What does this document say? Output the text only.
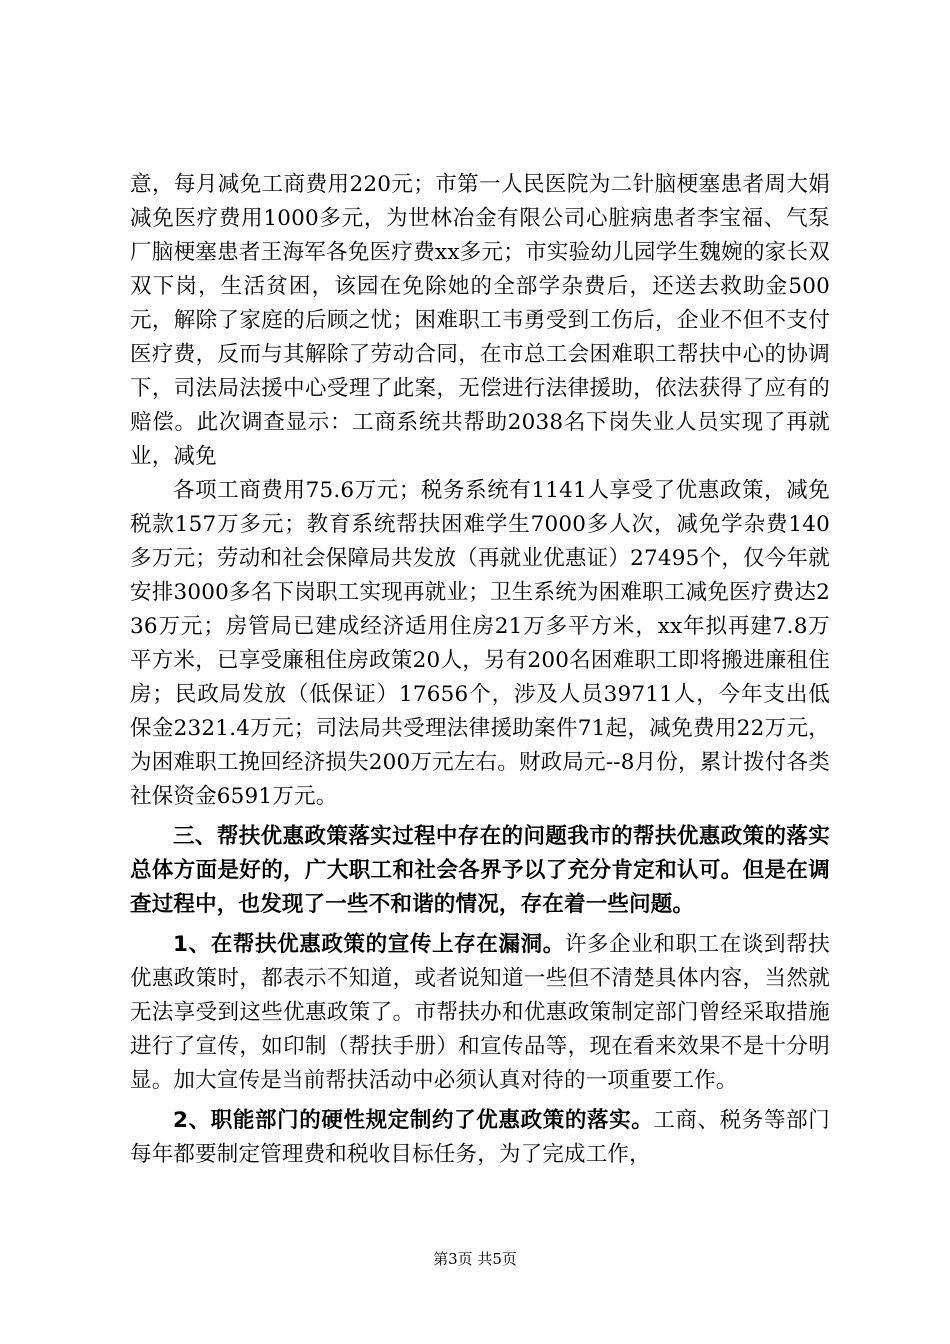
意，每月减免工商费用220元；市第一人民医院为二针脑梗塞患者周大娟减免医疗费用1000多元，为世林冶金有限公司心脏病患者李宝福、气泵厂脑梗塞患者王海军各免医疗费xx多元；市实验幼儿园学生魏婉的家长双双下岗，生活贫困，该园在免除她的全部学杂费后，还送去救助金500元，解除了家庭的后顾之忧；困难职工韦勇受到工伤后，企业不但不支付医疗费，反而与其解除了劳动合同，在市总工会困难职工帮扶中心的协调下，司法局法援中心受理了此案，无偿进行法律援助，依法获得了应有的赔偿。此次调查显示：工商系统共帮助2038名下岗失业人员实现了再就业，减免

各项工商费用75.6万元；税务系统有1141人享受了优惠政策，减免税款157万多元；教育系统帮扶困难学生7000多人次，减免学杂费140多万元；劳动和社会保障局共发放（再就业优惠证）27495个，仅今年就安排3000多名下岗职工实现再就业；卫生系统为困难职工减免医疗费达236万元；房管局已建成经济适用住房21万多平方米，xx年拟再建7.8万平方米，已享受廉租住房政策20人，另有200名困难职工即将搬进廉租住房；民政局发放（低保证）17656个，涉及人员39711人，今年支出低保金2321.4万元；司法局共受理法律援助案件71起，减免费用22万元，为困难职工挽回经济损失200万元左右。财政局元--8月份，累计拨付各类社保资金6591万元。

三、帮扶优惠政策落实过程中存在的问题我市的帮扶优惠政策的落实总体方面是好的，广大职工和社会各界予以了充分肯定和认可。但是在调查过程中，也发现了一些不和谐的情况，存在着一些问题。

1、在帮扶优惠政策的宣传上存在漏洞。许多企业和职工在谈到帮扶优惠政策时，都表示不知道，或者说知道一些但不清楚具体内容，当然就无法享受到这些优惠政策了。市帮扶办和优惠政策制定部门曾经采取措施进行了宣传，如印制（帮扶手册）和宣传品等，现在看来效果不是十分明显。加大宣传是当前帮扶活动中必须认真对待的一项重要工作。

2、职能部门的硬性规定制约了优惠政策的落实。工商、税务等部门每年都要制定管理费和税收目标任务，为了完成工作，

第3页 共5页
